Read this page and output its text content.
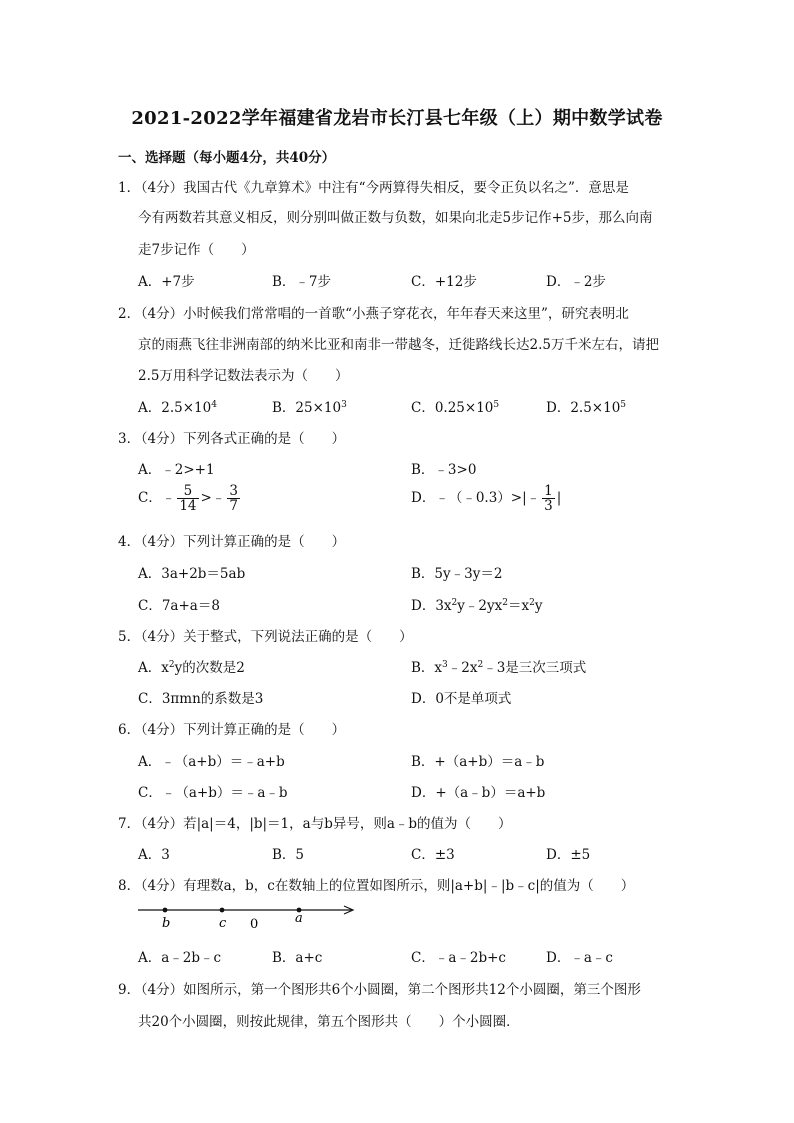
2021-2022学年福建省龙岩市长汀县七年级（上）期中数学试卷
一、选择题（每小题4分，共40分）
1．
（4分）我国古代《九章算术》中注有“今两算得失相反，要令正负以名之”．意思是
今有两数若其意义相反，则分别叫做正数与负数，如果向北走5步记作+5步，那么向南
走7步记作（　　）
A．+7步	B．﹣7步	C．+12步	D．﹣2步
2．
（4分）小时候我们常常唱的一首歌“小燕子穿花衣，年年春天来这里”，研究表明北
京的雨燕飞往非洲南部的纳米比亚和南非一带越冬，迁徙路线长达2.5万千米左右，请把
2.5万用科学记数法表示为（　　）
A．$2.5\times 10^4$	B．$25\times 10^3$	C．$0.25\times 10^5$	D．$2.5\times 10^5$
3．
（4分）下列各式正确的是（　　）
A．﹣2>+1	B．﹣3>0
C．﹣ $\frac{5}{14}$ >﹣ $\frac{3}{7}$	D．﹣（﹣0.3）>|﹣ $\frac{1}{3}$ |
4．
（4分）下列计算正确的是（　　）
A．3a+2b＝5ab	B．5y﹣3y＝2
C．7a+a＝8	D．$3x^2y﹣2yx^2=x^2y$
5．
（4分）关于整式，下列说法正确的是（　　）
A．$x^2y$的次数是2	B．$x^3﹣2x^2﹣3$是三次三项式
C．3πmn的系数是3	D．0不是单项式
6．
（4分）下列计算正确的是（　　）
A．﹣（a+b）＝﹣a+b	B．+（a+b）＝a﹣b
C．﹣（a+b）＝﹣a﹣b	D．+（a﹣b）＝a+b
7．
（4分）若|a|＝4，|b|＝1，a与b异号，则a﹣b的值为（　　）
A．3	B．5	C．±3	D．±5
8．
（4分）有理数a，b，c在数轴上的位置如图所示，则|a+b|﹣|b﹣c|的值为（　　）
b	c 0	a
A．a﹣2b﹣c	B．a+c	C．﹣a﹣2b+c	D．﹣a﹣c
9．
（4分）如图所示，第一个图形共6个小圆圈，第二个图形共12个小圆圈，第三个图形
共20个小圆圈，则按此规律，第五个图形共（　　）个小圆圈．
